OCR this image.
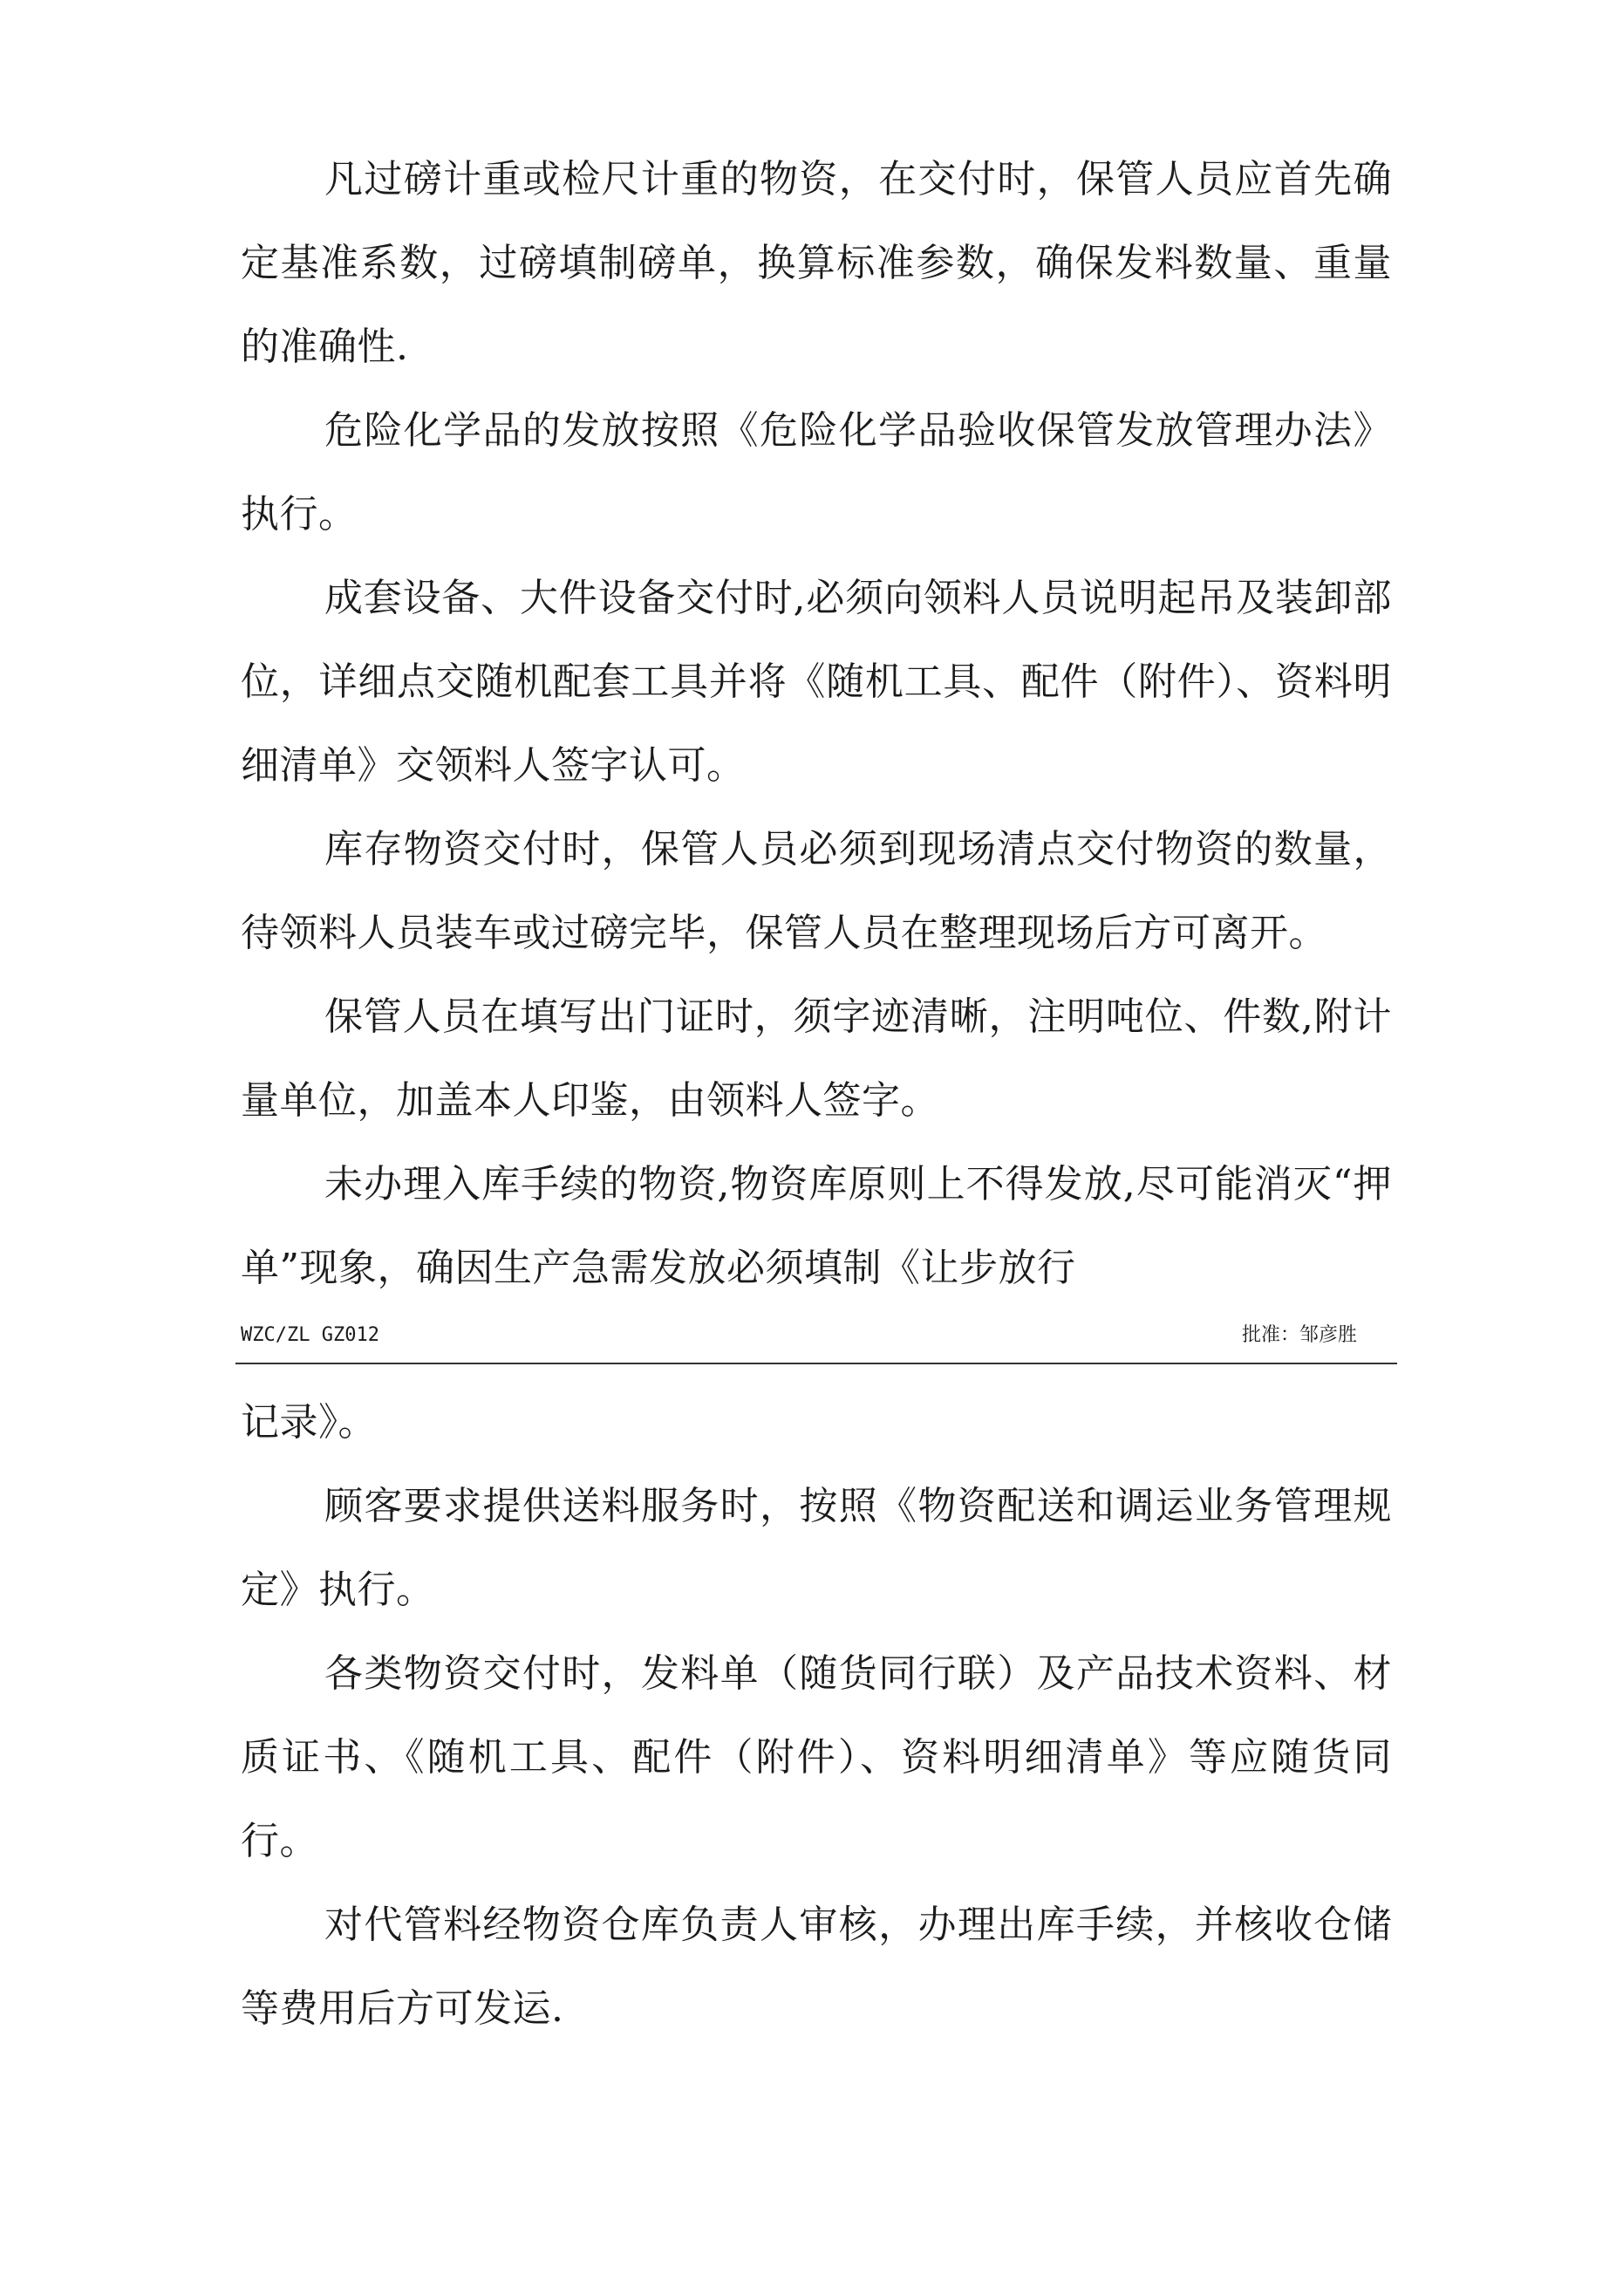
凡过磅计重或检尺计重的物资，在交付时，保管人员应首先确定基准系数，过磅填制磅单，换算标准参数，确保发料数量、重量的准确性.

危险化学品的发放按照《危险化学品验收保管发放管理办法》执行。

成套设备、大件设备交付时,必须向领料人员说明起吊及装卸部位，详细点交随机配套工具并将《随机工具、配件（附件）、资料明细清单》交领料人签字认可。

库存物资交付时，保管人员必须到现场清点交付物资的数量，待领料人员装车或过磅完毕，保管人员在整理现场后方可离开。

保管人员在填写出门证时，须字迹清晰，注明吨位、件数,附计量单位，加盖本人印鉴，由领料人签字。

未办理入库手续的物资,物资库原则上不得发放,尽可能消灭“押单”现象，确因生产急需发放必须填制《让步放行

WZC/ZL GZ012	批准：邹彦胜

记录》。

顾客要求提供送料服务时，按照《物资配送和调运业务管理规定》执行。

各类物资交付时，发料单（随货同行联）及产品技术资料、材质证书、《随机工具、配件（附件）、资料明细清单》等应随货同行。

对代管料经物资仓库负责人审核，办理出库手续，并核收仓储等费用后方可发运.
